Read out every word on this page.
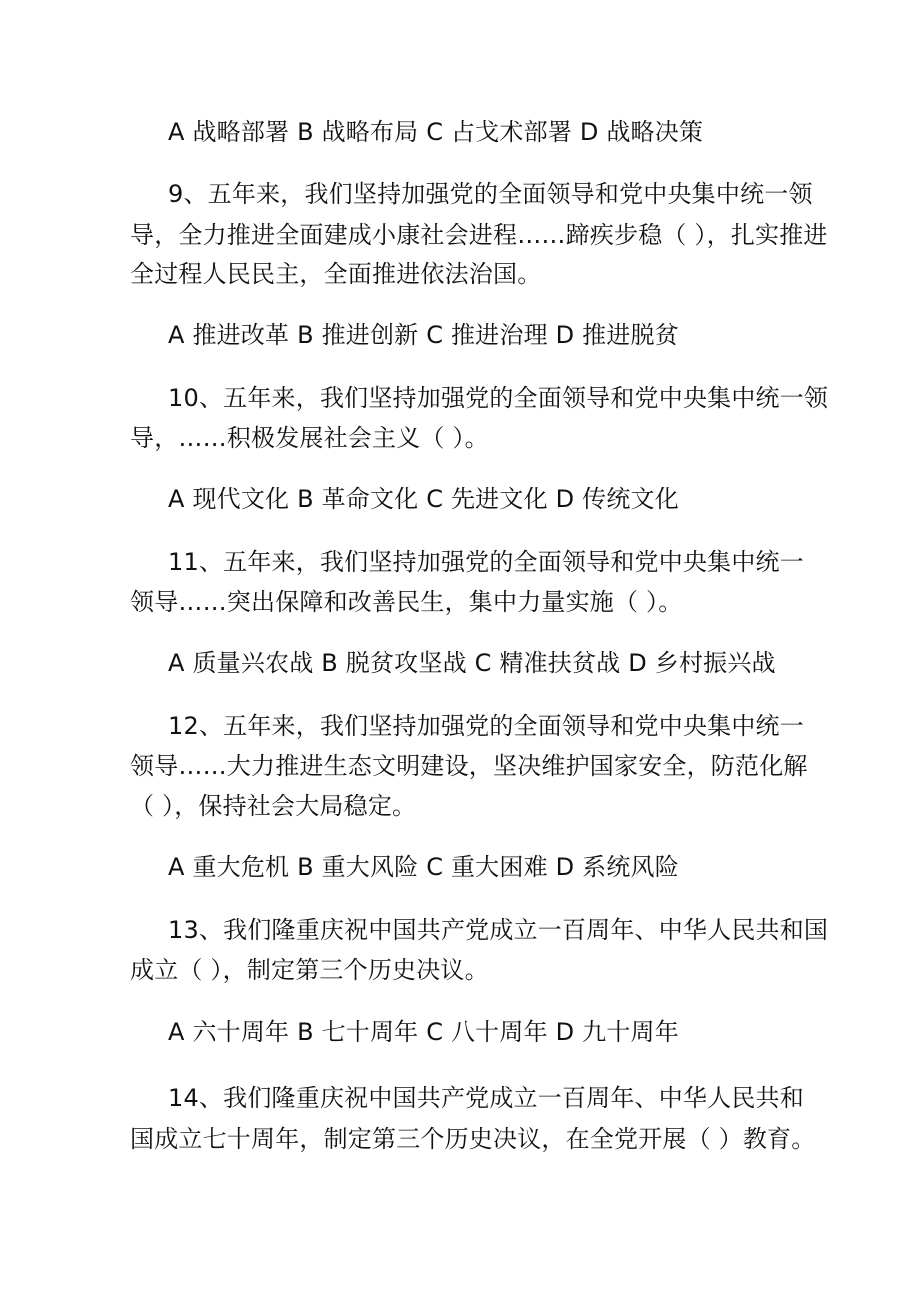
A 战略部署 B 战略布局 C 占戈术部署 D 战略决策
9、五年来，我们坚持加强党的全面领导和党中央集中统一领
导，全力推进全面建成小康社会进程……蹄疾步稳（ ），扎实推进
全过程人民民主，全面推进依法治国。
A 推进改革 B 推进创新 C 推进治理 D 推进脱贫
10、五年来，我们坚持加强党的全面领导和党中央集中统一领
导，……积极发展社会主义（ ）。
A 现代文化 B 革命文化 C 先进文化 D 传统文化
11、五年来，我们坚持加强党的全面领导和党中央集中统一
领导……突出保障和改善民生，集中力量实施（ ）。
A 质量兴农战 B 脱贫攻坚战 C 精准扶贫战 D 乡村振兴战
12、五年来，我们坚持加强党的全面领导和党中央集中统一
领导……大力推进生态文明建设，坚决维护国家安全，防范化解
（ ），保持社会大局稳定。
A 重大危机 B 重大风险 C 重大困难 D 系统风险
13、我们隆重庆祝中国共产党成立一百周年、中华人民共和国
成立（ ），制定第三个历史决议。
A 六十周年 B 七十周年 C 八十周年 D 九十周年
14、我们隆重庆祝中国共产党成立一百周年、中华人民共和
国成立七十周年，制定第三个历史决议，在全党开展（ ）教育。
